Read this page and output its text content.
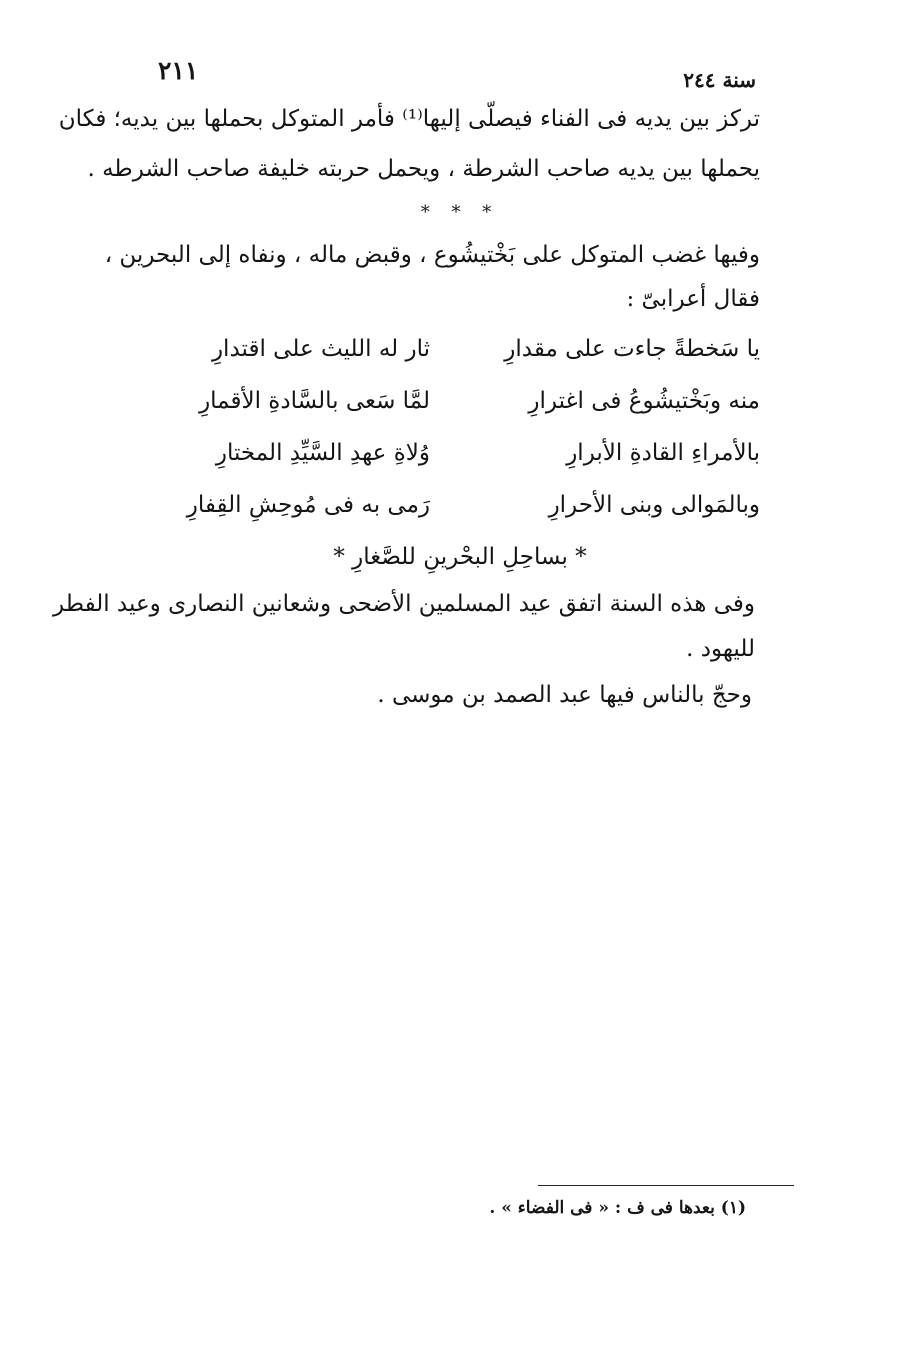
٢١١	سنة ٢٤٤
تركز بين يديه فى الفناء فيصلّى إليها⁽¹⁾ فأمر المتوكل بحملها بين يديه؛ فكان
يحملها بين يديه صاحب الشرطة ، ويحمل حربته خليفة صاحب الشرطه .
* * *
وفيها غضب المتوكل على بَخْتيشُوع ، وقبض ماله ، ونفاه إلى البحرين ،
فقال أعرابىّ :
يا سَخطةً جاءت على مقدارِ
ثار له الليث على اقتدارِ
منه وبَخْتيشُوعُ فى اغترارِ
لمَّا سَعى بالسَّادةِ الأقمارِ
بالأمراءِ القادةِ الأبرارِ
وُلاةِ عهدِ السَّيِّدِ المختارِ
وبالمَوالى وبنى الأحرارِ
رَمى به فى مُوحِشِ القِفارِ
* بساحِلِ البحْرينِ للصَّغارِ *
وفى هذه السنة اتفق عيد المسلمين الأضحى وشعانين النصارى وعيد الفطر
لليهود .
وحجّ بالناس فيها عبد الصمد بن موسى .
(١) بعدها فى ف : « فى الفضاء » .
